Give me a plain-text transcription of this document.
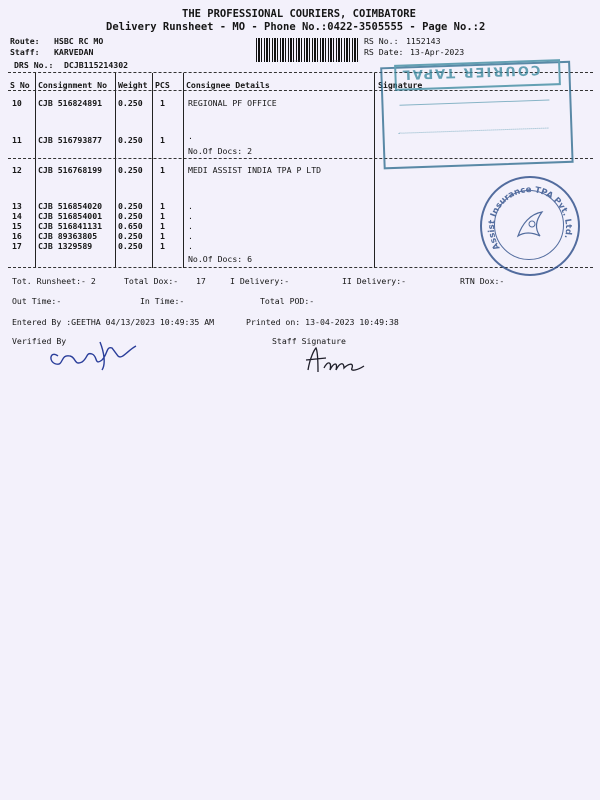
THE PROFESSIONAL COURIERS, COIMBATORE
Delivery Runsheet - MO - Phone No.:0422-3505555 - Page No.:2
Route: HSBC RC MO
Staff: KARVEDAN
DRS No.: DCJB115214302
RS No.: 1152143
RS Date: 13-Apr-2023
S No Consignment No Weight PCS Consignee Details	Signature
10 CJB 516824891 0.250 1	REGIONAL PF OFFICE
11 CJB 516793877 0.250 1	.
No.Of Docs: 2
12 CJB 516768199 0.250 1	MEDI ASSIST INDIA TPA P LTD
13 CJB 516854020 0.250 1	.
14 CJB 516854001 0.250 1	.
15 CJB 516841131 0.650 1	.
16 CJB 89363805	0.250 1	.
17 CJB 1329589	0.250 1	.
No.Of Docs: 6
Tot. Runsheet:- 2	Total Dox:- 17	I Delivery:-	II Delivery:-	RTN Dox:-
Out Time:-	In Time:-	Total POD:-
Entered By :GEETHA 04/13/2023 10:49:35 AM	Printed on: 13-04-2023 10:49:38
Verified By	Staff Signature
COURIER TAPAL
Assist Insurance TPA Pvt. Ltd.
